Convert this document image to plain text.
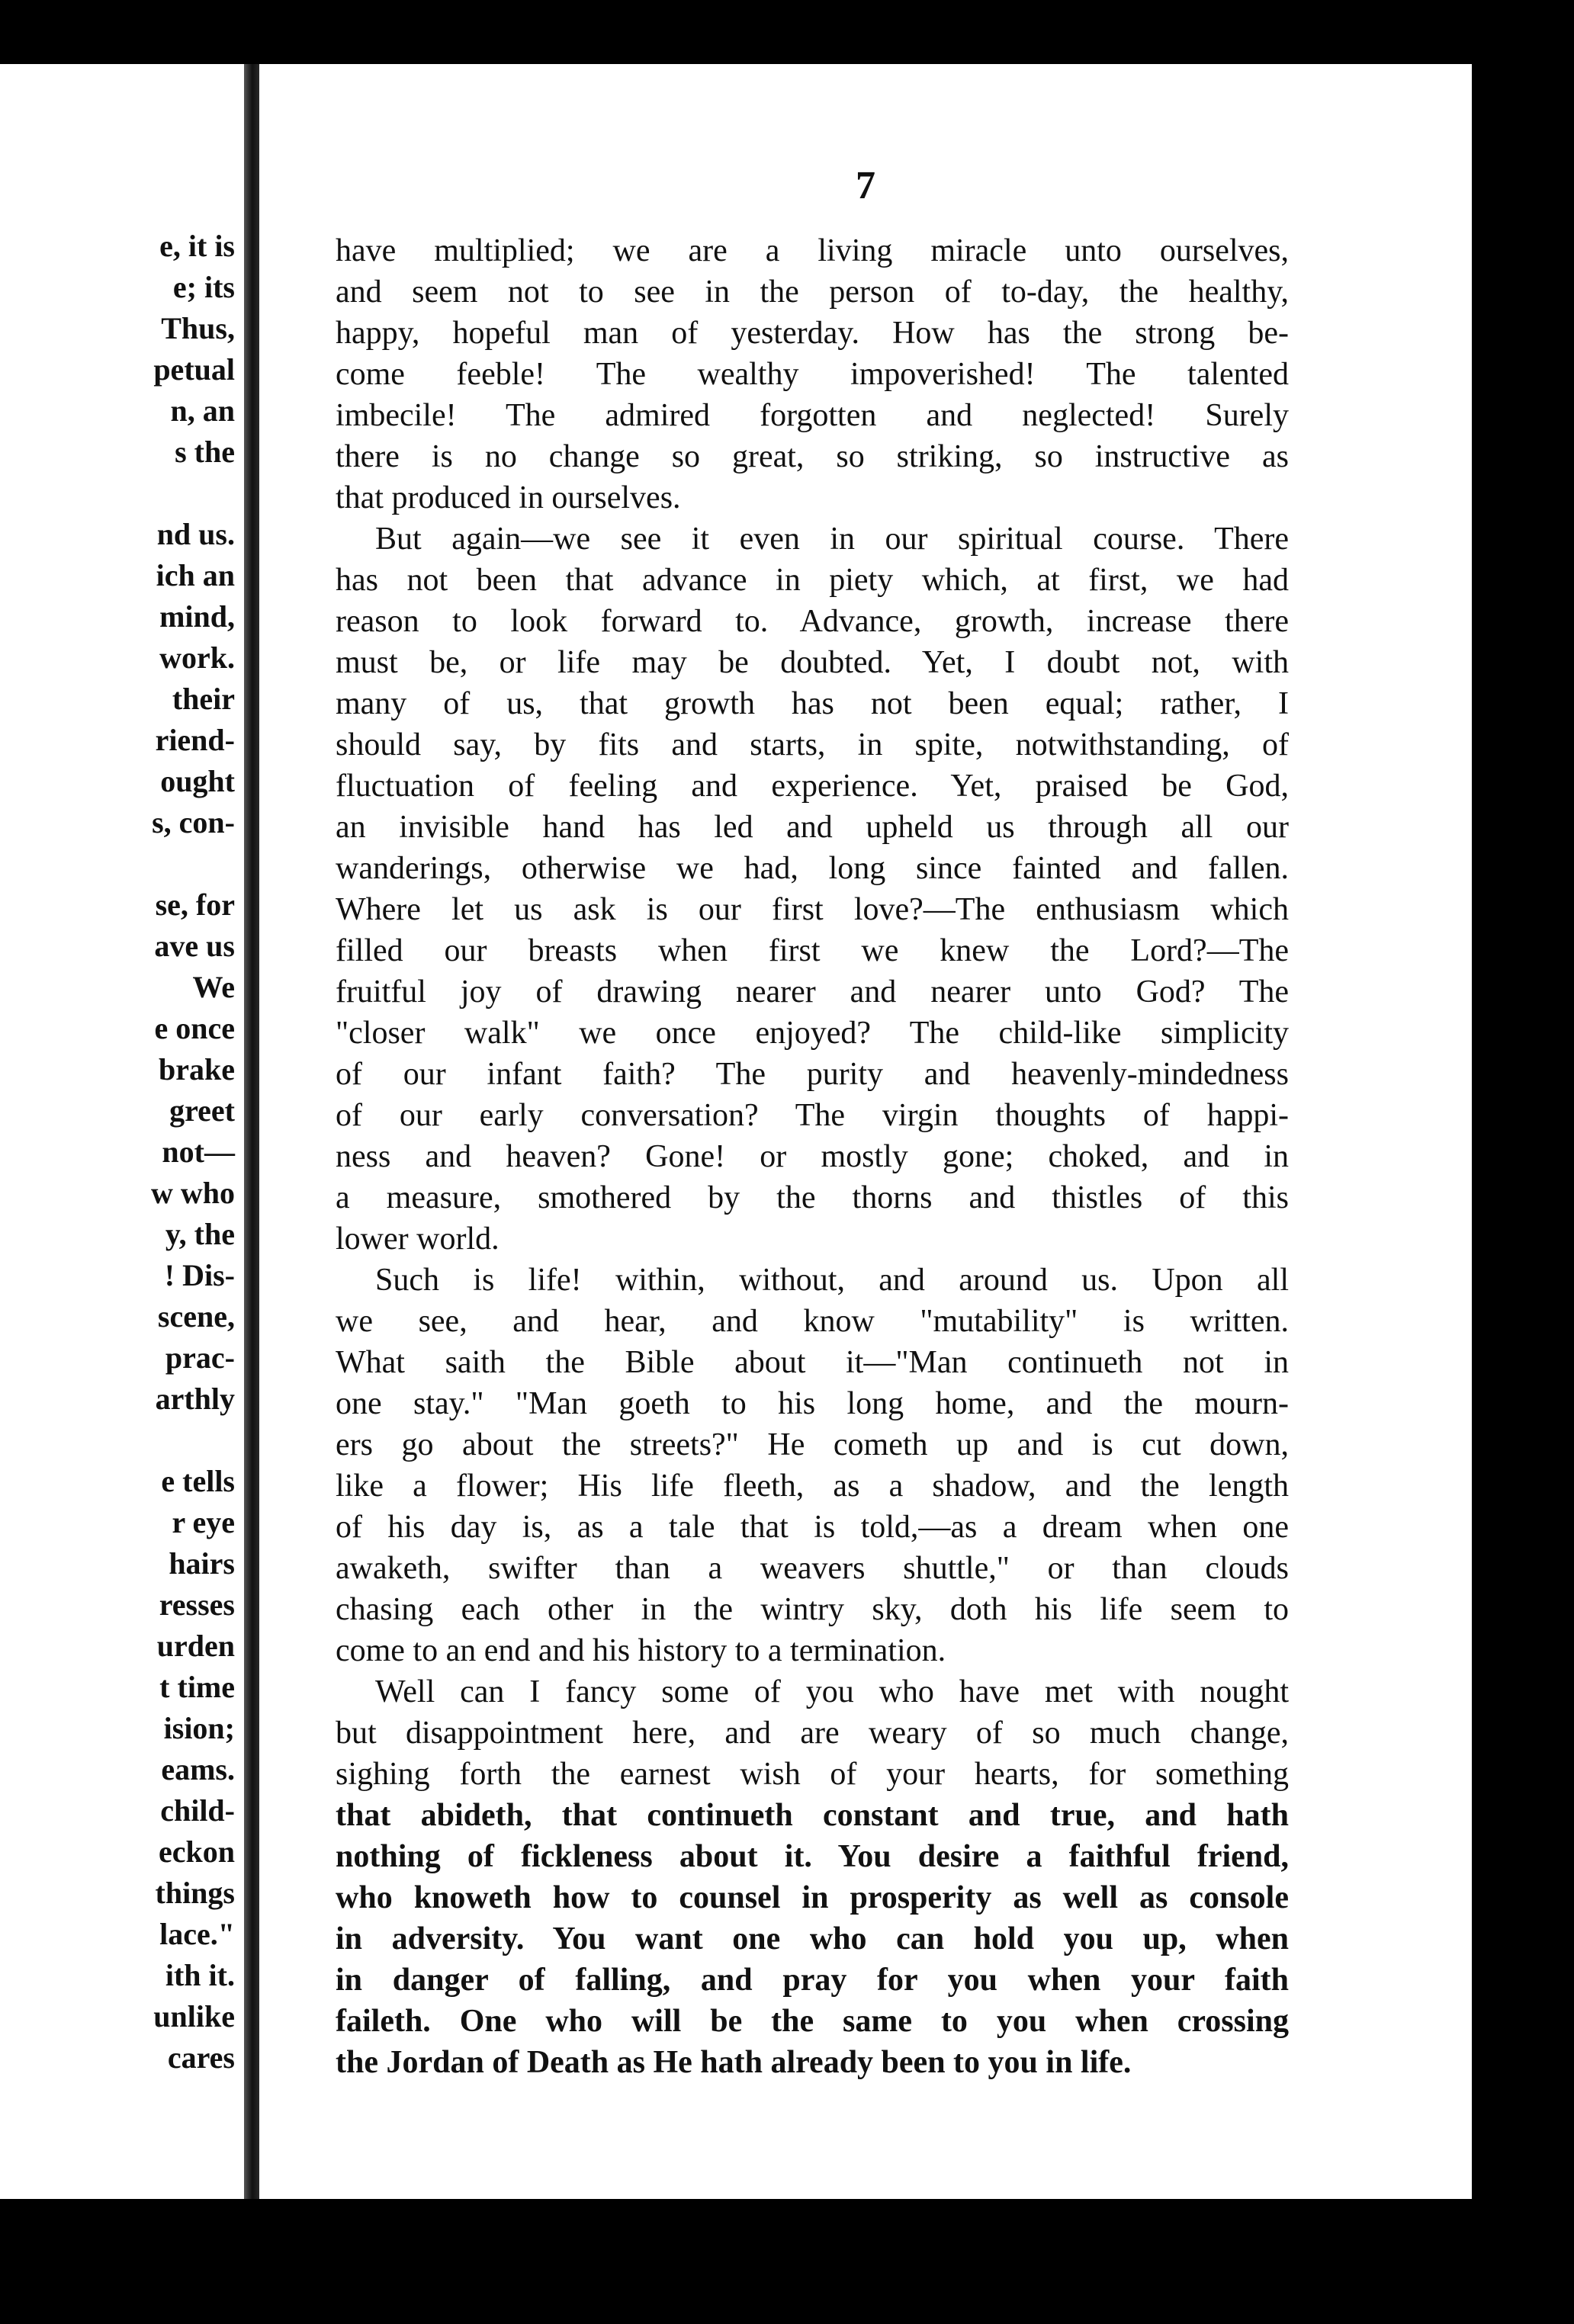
e, it is
e; its
Thus,
petual
n, an
s the
nd us.
ich an
mind,
work.
their
riend-
ought
s, con-
se, for
ave us
We
e once
brake
greet
not—
w who
y, the
! Dis-
scene,
prac-
arthly
e tells
r eye
hairs
resses
urden
t time
ision;
eams.
child-
eckon
things
lace."
ith it.
unlike
cares
7
have multiplied; we are a living miracle unto ourselves,
and seem not to see in the person of to-day, the healthy,
happy, hopeful man of yesterday. How has the strong be-
come feeble! The wealthy impoverished! The talented
imbecile! The admired forgotten and neglected! Surely
there is no change so great, so striking, so instructive as
that produced in ourselves.
But again—we see it even in our spiritual course. There
has not been that advance in piety which, at first, we had
reason to look forward to. Advance, growth, increase there
must be, or life may be doubted. Yet, I doubt not, with
many of us, that growth has not been equal; rather, I
should say, by fits and starts, in spite, notwithstanding, of
fluctuation of feeling and experience. Yet, praised be God,
an invisible hand has led and upheld us through all our
wanderings, otherwise we had, long since fainted and fallen.
Where let us ask is our first love?—The enthusiasm which
filled our breasts when first we knew the Lord?—The
fruitful joy of drawing nearer and nearer unto God? The
"closer walk" we once enjoyed? The child-like simplicity
of our infant faith? The purity and heavenly-mindedness
of our early conversation? The virgin thoughts of happi-
ness and heaven? Gone! or mostly gone; choked, and in
a measure, smothered by the thorns and thistles of this
lower world.
Such is life! within, without, and around us. Upon all
we see, and hear, and know "mutability" is written.
What saith the Bible about it—"Man continueth not in
one stay." "Man goeth to his long home, and the mourn-
ers go about the streets?" He cometh up and is cut down,
like a flower; His life fleeth, as a shadow, and the length
of his day is, as a tale that is told,—as a dream when one
awaketh, swifter than a weavers shuttle," or than clouds
chasing each other in the wintry sky, doth his life seem to
come to an end and his history to a termination.
Well can I fancy some of you who have met with nought
but disappointment here, and are weary of so much change,
sighing forth the earnest wish of your hearts, for something
that abideth, that continueth constant and true, and hath
nothing of fickleness about it. You desire a faithful friend,
who knoweth how to counsel in prosperity as well as console
in adversity. You want one who can hold you up, when
in danger of falling, and pray for you when your faith
faileth. One who will be the same to you when crossing
the Jordan of Death as He hath already been to you in life.
